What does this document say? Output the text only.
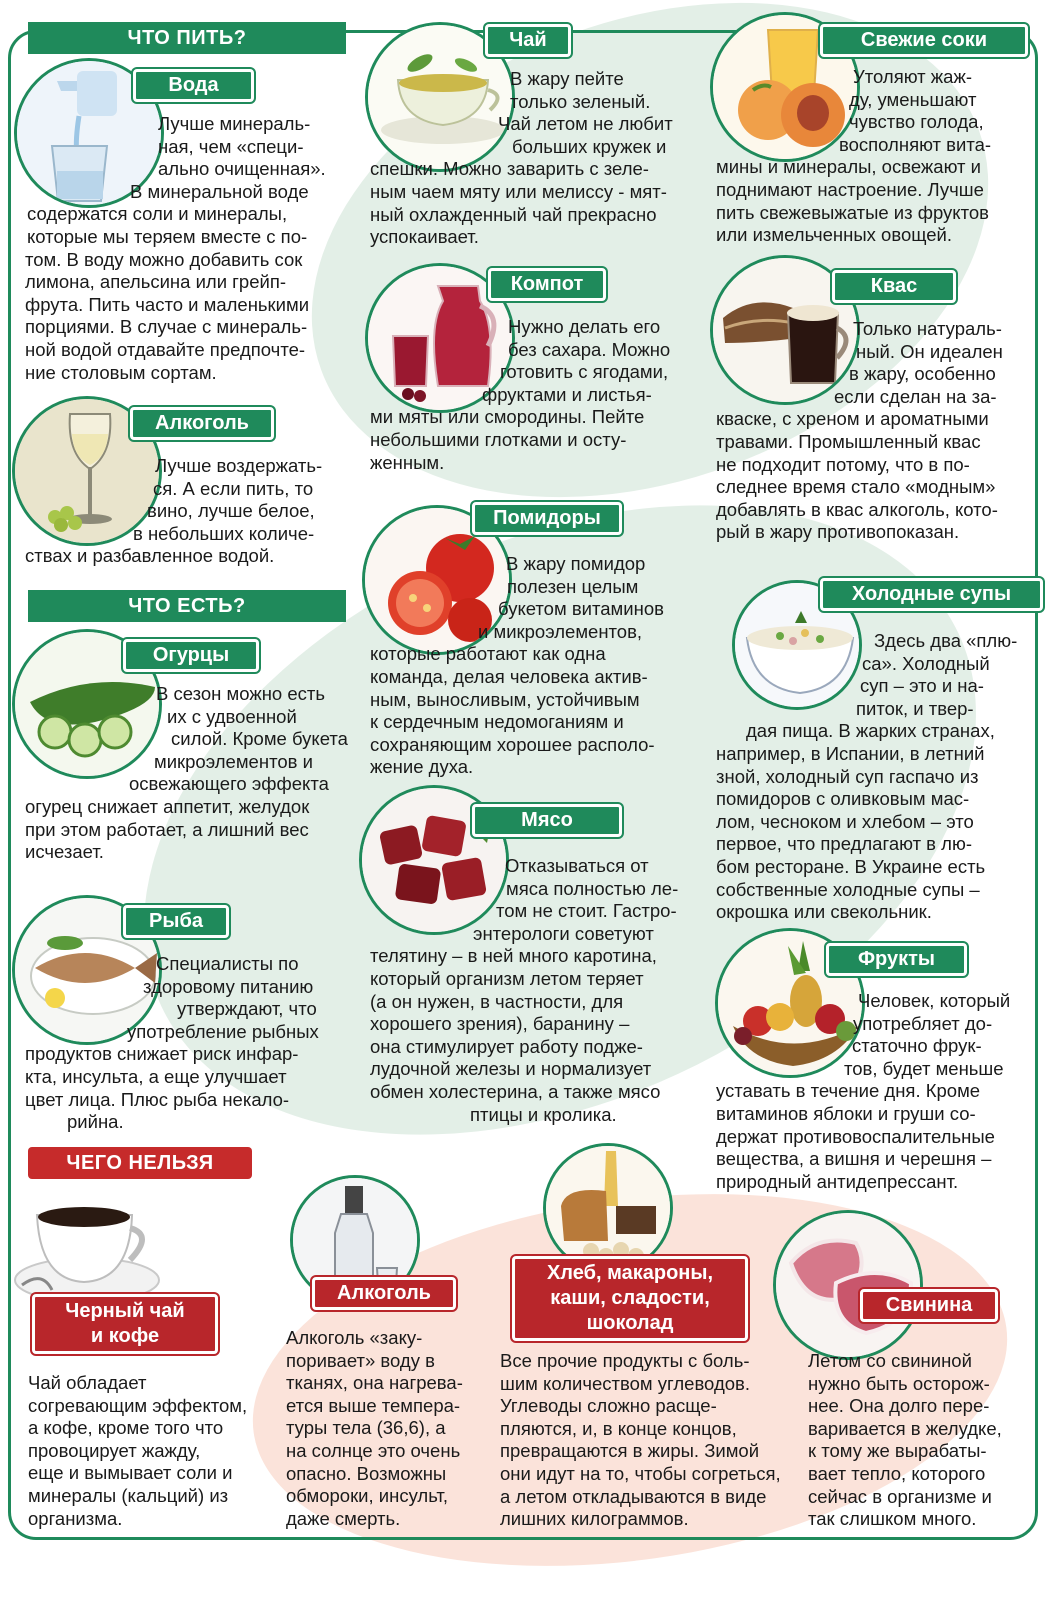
ЧТО ПИТЬ?
ЧТО ЕСТЬ?
ЧЕГО НЕЛЬЗЯ
Вода
Лучше минераль-
ная, чем «специ-
ально очищенная».
В минеральной воде
содержатся соли и минералы,
которые мы теряем вместе с по-
том. В воду можно добавить сок
лимона, апельсина или грейп-
фрута. Пить часто и маленькими
порциями. В случае с минераль-
ной водой отдавайте предпочте-
ние столовым сортам.
Алкоголь
Лучше воздержать-
ся. А если пить, то
вино, лучше белое,
в небольших количе-
ствах и разбавленное водой.
Чай
В жару пейте
только зеленый.
Чай летом не любит
больших кружек и
спешки. Можно заварить с зеле-
ным чаем мяту или мелиссу - мят-
ный охлажденный чай прекрасно
успокаивает.
Компот
Нужно делать его
без сахара. Можно
готовить с ягодами,
фруктами и листья-
ми мяты или смородины. Пейте
небольшими глотками и осту-
женным.
Свежие соки
Утоляют жаж-
ду, уменьшают
чувство голода,
восполняют вита-
мины и минералы, освежают и
поднимают настроение. Лучше
пить свежевыжатые из фруктов
или измельченных овощей.
Квас
Только натураль-
ный. Он идеален
в жару, особенно
если сделан на за-
кваске, с хреном и ароматными
травами. Промышленный квас
не подходит потому, что в по-
следнее время стало «модным»
добавлять в квас алкоголь, кото-
рый в жару противопоказан.
Огурцы
В сезон можно есть
их с удвоенной
силой. Кроме букета
микроэлементов и
освежающего эффекта
огурец снижает аппетит, желудок
при этом работает, а лишний вес
исчезает.
Рыба
Специалисты по
здоровому питанию
утверждают, что
употребление рыбных
продуктов снижает риск инфар-
кта, инсульта, а еще улучшает
цвет лица. Плюс рыба некало-
рийна.
Помидоры
В жару помидор
полезен целым
букетом витаминов
и микроэлементов,
которые работают как одна
команда, делая человека актив-
ным, выносливым, устойчивым
к сердечным недомоганиям и
сохраняющим хорошее располо-
жение духа.
Мясо
Отказываться от
мяса полностью ле-
том не стоит. Гастро-
энтерологи советуют
телятину – в ней много каротина,
который организм летом теряет
(а он нужен, в частности, для
хорошего зрения), баранину –
она стимулирует работу подже-
лудочной железы и нормализует
обмен холестерина, а также мясо
птицы и кролика.
Холодные супы
Здесь два «плю-
са». Холодный
суп – это и на-
питок, и твер-
дая пища. В жарких странах,
например, в Испании, в летний
зной, холодный суп гаспачо из
помидоров с оливковым мас-
лом, чесноком и хлебом – это
первое, что предлагают в лю-
бом ресторане. В Украине есть
собственные холодные супы –
окрошка или свекольник.
Фрукты
Человек, который
употребляет до-
статочно фрук-
тов, будет меньше
уставать в течение дня. Кроме
витаминов яблоки и груши со-
держат противовоспалительные
вещества, а вишня и черешня –
природный антидепрессант.
Черный чай
и кофе
Чай обладает
согревающим эффектом,
а кофе, кроме того что
провоцирует жажду,
еще и вымывает соли и
минералы (кальций) из
организма.
Алкоголь
Алкоголь «заку-
поривает» воду в
тканях, она нагрева-
ется выше темпера-
туры тела (36,6), а
на солнце это очень
опасно. Возможны
обмороки, инсульт,
даже смерть.
Хлеб, макароны,
каши, сладости,
шоколад
Все прочие продукты с боль-
шим количеством углеводов.
Углеводы сложно расще-
пляются, и, в конце концов,
превращаются в жиры. Зимой
они идут на то, чтобы согреться,
а летом откладываются в виде
лишних килограммов.
Свинина
Летом со свининой
нужно быть осторож-
нее. Она долго пере-
варивается в желудке,
к тому же вырабаты-
вает тепло, которого
сейчас в организме и
так слишком много.
